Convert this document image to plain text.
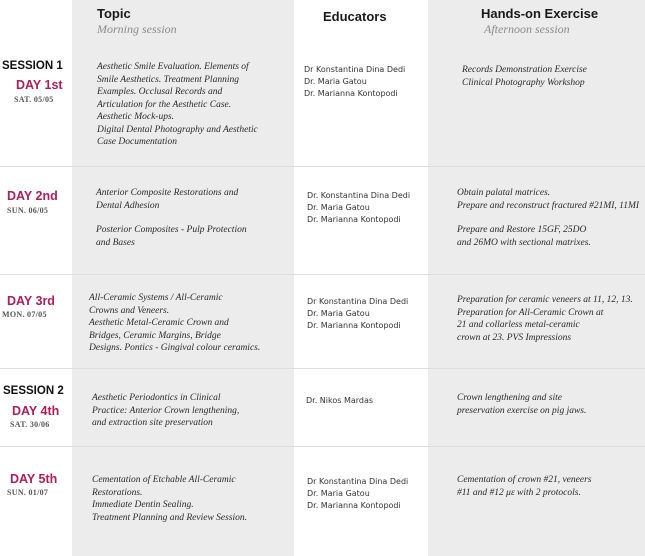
Topic
Morning session
Educators	Hands-on Exercise
Afternoon session
SESSION 1
DAY 1st
SAT. 05/05
Aesthetic Smile Evaluation. Elements of
Smile Aesthetics. Treatment Planning
Examples. Occlusal Records and
Articulation for the Aesthetic Case.
Aesthetic Mock-ups.
Digital Dental Photography and Aesthetic
Case Documentation
Dr Konstantina Dina Dedi
Dr. Maria Gatou
Dr. Marianna Kontopodi
Records Demonstration Exercise
Clinical Photography Workshop
DAY 2nd
SUN. 06/05
Anterior Composite Restorations and
Dental Adhesion
Posterior Composites - Pulp Protection
and Bases
Dr. Konstantina Dina Dedi
Dr. Maria Gatou
Dr. Marianna Kontopodi
Obtain palatal matrices.
Prepare and reconstruct fractured #21MI, 11MI
Prepare and Restore 15GF, 25DO
and 26MO with sectional matrixes.
DAY 3rd
MON. 07/05
All-Ceramic Systems / All-Ceramic
Crowns and Veneers.
Aesthetic Metal-Ceramic Crown and
Bridges, Ceramic Margins, Bridge
Designs. Pontics - Gingival colour ceramics.
Dr Konstantina Dina Dedi
Dr. Maria Gatou
Dr. Marianna Kontopodi
Preparation for ceramic veneers at 11, 12, 13.
Preparation for All-Ceramic Crown at
21 and collarless metal-ceramic
crown at 23. PVS Impressions
SESSION 2
DAY 4th
SAT. 30/06
Aesthetic Periodontics in Clinical
Practice: Anterior Crown lengthening,
and extraction site preservation
Dr. Nikos Mardas	Crown lengthening and site
preservation exercise on pig jaws.
DAY 5th
SUN. 01/07
Cementation of Etchable All-Ceramic
Restorations.
Immediate Dentin Sealing.
Treatment Planning and Review Session.
Dr Konstantina Dina Dedi
Dr. Maria Gatou
Dr. Marianna Kontopodi
Cementation of crown #21, veneers
#11 and #12 με with 2 protocols.
